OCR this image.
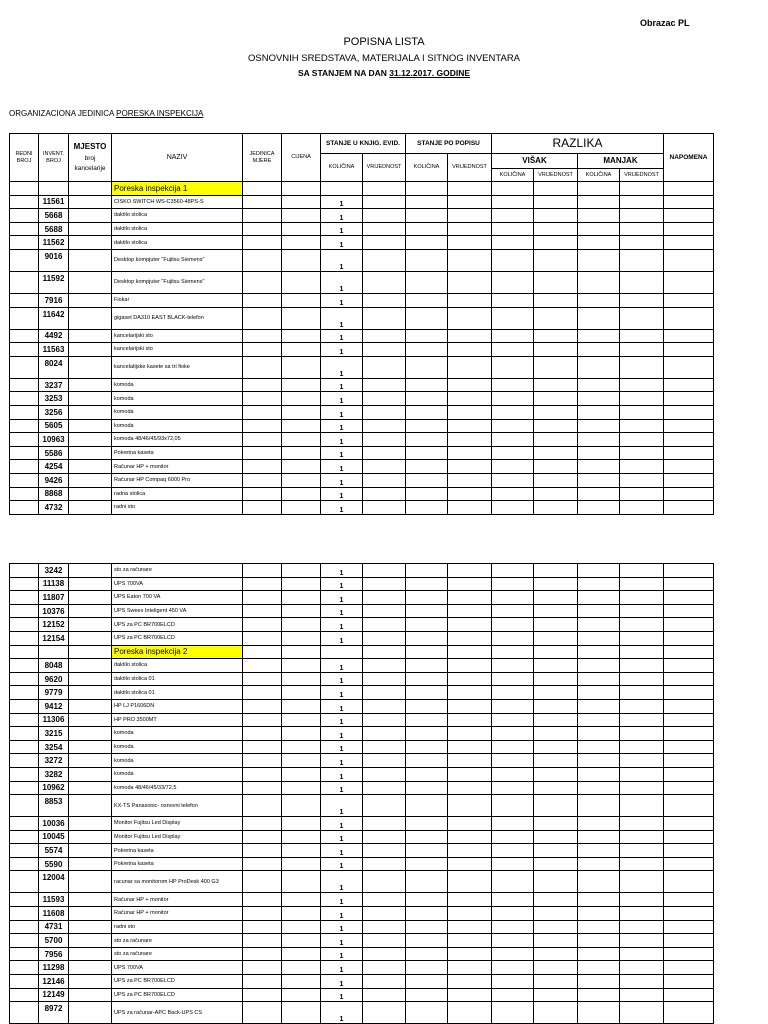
Obrazac PL
POPISNA LISTA
OSNOVNIH SREDSTAVA, MATERIJALA I SITNOG INVENTARA
SA STANJEM NA DAN 31.12.2017. GODINE
ORGANIZACIONA JEDINICA PORESKA INSPEKCIJA
REDNI BROJ	INVENT. BROJ	MJESTO
broj
kancelarije	NAZIV	JEDINICA MJERE	CIJENA	STANJE U KNJIG. EVID.		STANJE PO POPISU		RAZLIKA				NAPOMENA
						KOLIČINA	VRIJEDNOST	KOLIČINA	VRIJEDNOST	VIŠAK		MANJAK		
										KOLIČINA	VRIJEDNOST	KOLIČINA	VRIJEDNOST	
			Poreska inspekcija 1											
	11561		CISKO SWITCH WS-C3560-48PS-S			1								
	5668		daktilo stolica			1								
	5688		daktilo stolica			1								
	11562		daktilo stolica			1								
	9016		Desktop kompjuter "Fujitsu Siemens"			1								
	11592		Desktop kompjuter "Fujitsu Siemens"			1								
	7916		Fiokar			1								
	11642		gigaset DA310 EAST BLACK-telefon			1								
	4492		kancelarijski sto			1								
	11563		kancelarijski sto			1								
	8024		kancelatijske kasete sa tri fioke			1								
	3237		komoda			1								
	3253		komoda			1								
	3256		komoda			1								
	5605		komoda			1								
	10963		komoda 48/46/45/93x72,05			1								
	5586		Pokretna kaseta			1								
	4254		Računar HP + monitor			1								
	9426		Računar HP Compaq 6000 Pro			1								
	8868		radna stolica			1								
	4732		radni sto			1								
	3242		sto za računare			1								
	11138		UPS 700VA			1								
	11807		UPS Eaton 700 VA			1								
	10376		UPS Sweex Inteligent 450 VA			1								
	12152		UPS za PC BR700ELCD			1								
	12154		UPS za PC BR700ELCD			1								
			Poreska inspekcija 2											
	8048		daktilo stolica			1								
	9620		daktilo stolica 01			1								
	9779		daktilo stolica 01			1								
	9412		HP LJ P1606DN			1								
	11306		HP PRO 3500MT			1								
	3215		komoda			1								
	3254		komoda			1								
	3272		komoda			1								
	3282		komoda			1								
	10962		komoda 48/46/45/33/72,5			1								
	8853		KX-TS Panasonic- osnovni telefon			1								
	10036		Monitor Fujitsu Led Display			1								
	10045		Monitor Fujitsu Led Display			1								
	5574		Pokretna kaseta			1								
	5590		Pokretna kaseta			1								
	12004		racunar sa monitorom HP ProDesk 400 G3			1								
	11593		Računar HP + monitor			1								
	11608		Računar HP + monitor			1								
	4731		radni sto			1								
	5700		sto za računare			1								
	7956		sto za računare			1								
	11298		UPS 700VA			1								
	12146		UPS za PC BR700ELCD			1								
	12149		UPS za PC BR700ELCD			1								
	8972		UPS za računar-APC Back-UPS CS			1								
